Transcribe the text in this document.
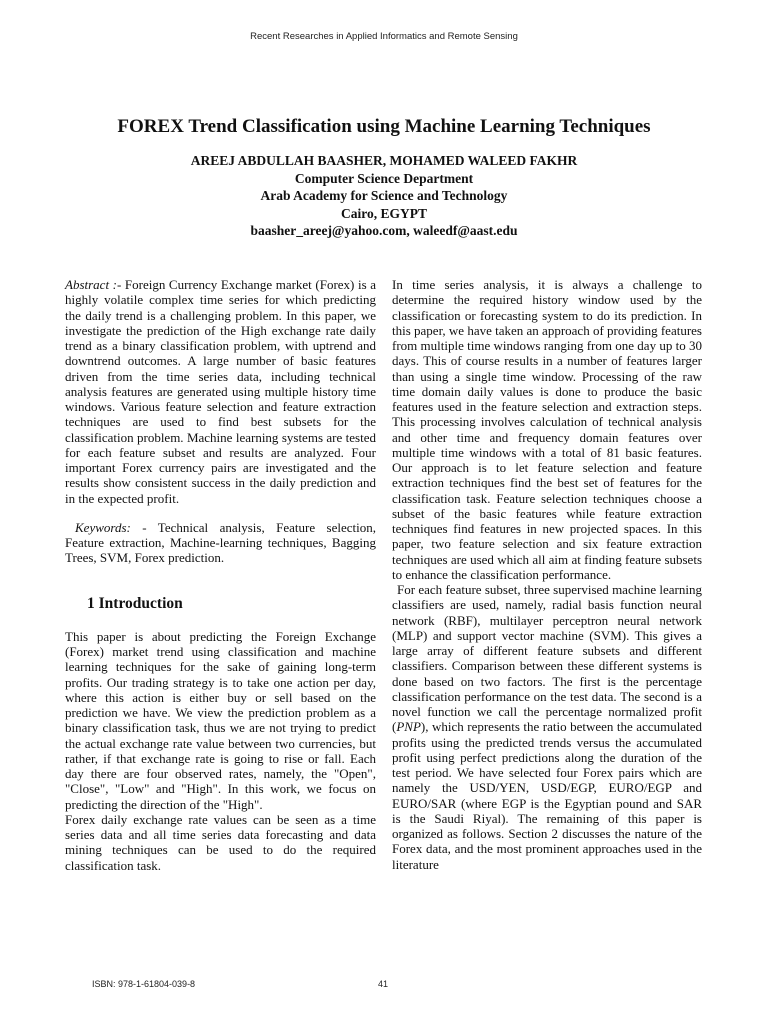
Recent Researches in Applied Informatics and Remote Sensing
FOREX Trend Classification using Machine Learning Techniques
AREEJ ABDULLAH BAASHER, MOHAMED WALEED FAKHR
Computer Science Department
Arab Academy for Science and Technology
Cairo, EGYPT
baasher_areej@yahoo.com, waleedf@aast.edu

Abstract :- Foreign Currency Exchange market (Forex) is a highly volatile complex time series for which predicting the daily trend is a challenging problem. In this paper, we investigate the prediction of the High exchange rate daily trend as a binary classification problem, with uptrend and downtrend outcomes. A large number of basic features driven from the time series data, including technical analysis features are generated using multiple history time windows. Various feature selection and feature extraction techniques are used to find best subsets for the classification problem. Machine learning systems are tested for each feature subset and results are analyzed. Four important Forex currency pairs are investigated and the results show consistent success in the daily prediction and in the expected profit.

Keywords: - Technical analysis, Feature selection, Feature extraction, Machine-learning techniques, Bagging Trees, SVM, Forex prediction.

1 Introduction

This paper is about predicting the Foreign Exchange (Forex) market trend using classification and machine learning techniques for the sake of gaining long-term profits. Our trading strategy is to take one action per day, where this action is either buy or sell based on the prediction we have. We view the prediction problem as a binary classification task, thus we are not trying to predict the actual exchange rate value between two currencies, but rather, if that exchange rate is going to rise or fall. Each day there are four observed rates, namely, the "Open", "Close", "Low" and "High". In this work, we focus on predicting the direction of the "High".

Forex daily exchange rate values can be seen as a time series data and all time series data forecasting and data mining techniques can be used to do the required classification task.

In time series analysis, it is always a challenge to determine the required history window used by the classification or forecasting system to do its prediction. In this paper, we have taken an approach of providing features from multiple time windows ranging from one day up to 30 days. This of course results in a number of features larger than using a single time window. Processing of the raw time domain daily values is done to produce the basic features used in the feature selection and extraction steps. This processing involves calculation of technical analysis and other time and frequency domain features over multiple time windows with a total of 81 basic features. Our approach is to let feature selection and feature extraction techniques find the best set of features for the classification task. Feature selection techniques choose a subset of the basic features while feature extraction techniques find features in new projected spaces. In this paper, two feature selection and six feature extraction techniques are used which all aim at finding feature subsets to enhance the classification performance.

For each feature subset, three supervised machine learning classifiers are used, namely, radial basis function neural network (RBF), multilayer perceptron neural network (MLP) and support vector machine (SVM). This gives a large array of different feature subsets and different classifiers. Comparison between these different systems is done based on two factors. The first is the percentage classification performance on the test data. The second is a novel function we call the percentage normalized profit (PNP), which represents the ratio between the accumulated profits using the predicted trends versus the accumulated profit using perfect predictions along the duration of the test period. We have selected four Forex pairs which are namely the USD/YEN, USD/EGP, EURO/EGP and EURO/SAR (where EGP is the Egyptian pound and SAR is the Saudi Riyal). The remaining of this paper is organized as follows. Section 2 discusses the nature of the Forex data, and the most prominent approaches used in the literature

ISBN: 978-1-61804-039-8	41
